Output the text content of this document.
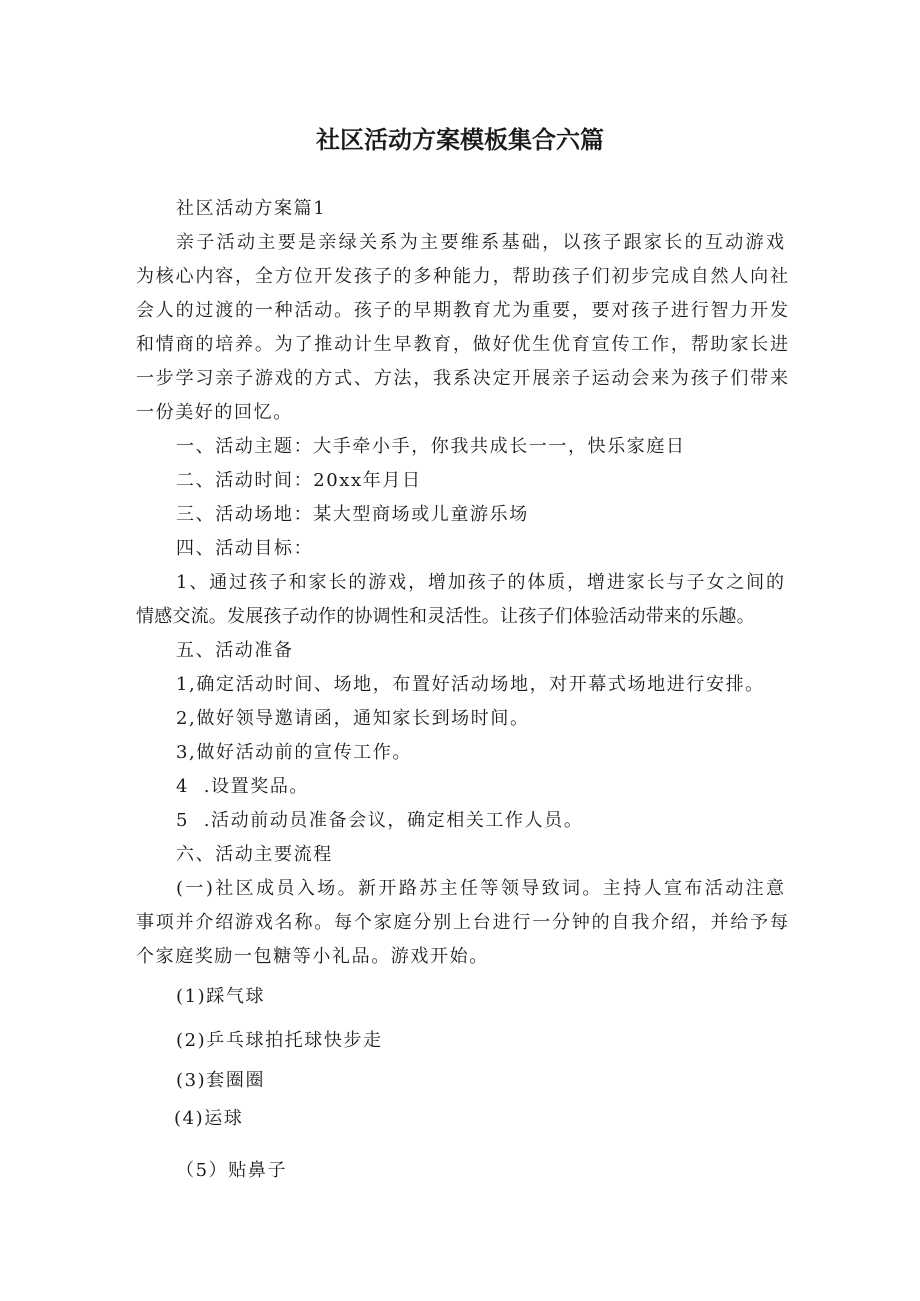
社区活动方案模板集合六篇
社区活动方案篇1
亲子活动主要是亲绿关系为主要维系基础，以孩子跟家长的互动游戏
为核心内容，全方位开发孩子的多种能力，帮助孩子们初步完成自然人向社
会人的过渡的一种活动。孩子的早期教育尤为重要，要对孩子进行智力开发
和情商的培养。为了推动计生早教育，做好优生优育宣传工作，帮助家长进
一步学习亲子游戏的方式、方法，我系决定开展亲子运动会来为孩子们带来
一份美好的回忆。
一、活动主题：大手牵小手，你我共成长一一，快乐家庭日
二、活动时间：20xx年月日
三、活动场地：某大型商场或儿童游乐场
四、活动目标：
1、通过孩子和家长的游戏，增加孩子的体质，增进家长与子女之间的
情感交流。发展孩子动作的协调性和灵活性。让孩子们体验活动带来的乐趣。
五、活动准备
1,确定活动时间、场地，布置好活动场地，对开幕式场地进行安排。
2,做好领导邀请函，通知家长到场时间。
3,做好活动前的宣传工作。
4  .设置奖品。
5  .活动前动员准备会议，确定相关工作人员。
六、活动主要流程
(一)社区成员入场。新开路苏主任等领导致词。主持人宣布活动注意
事项并介绍游戏名称。每个家庭分别上台进行一分钟的自我介绍，并给予每
个家庭奖励一包糖等小礼品。游戏开始。
(1)踩气球
(2)乒乓球拍托球快步走
(3)套圈圈
(4)运球
（5）贴鼻子
